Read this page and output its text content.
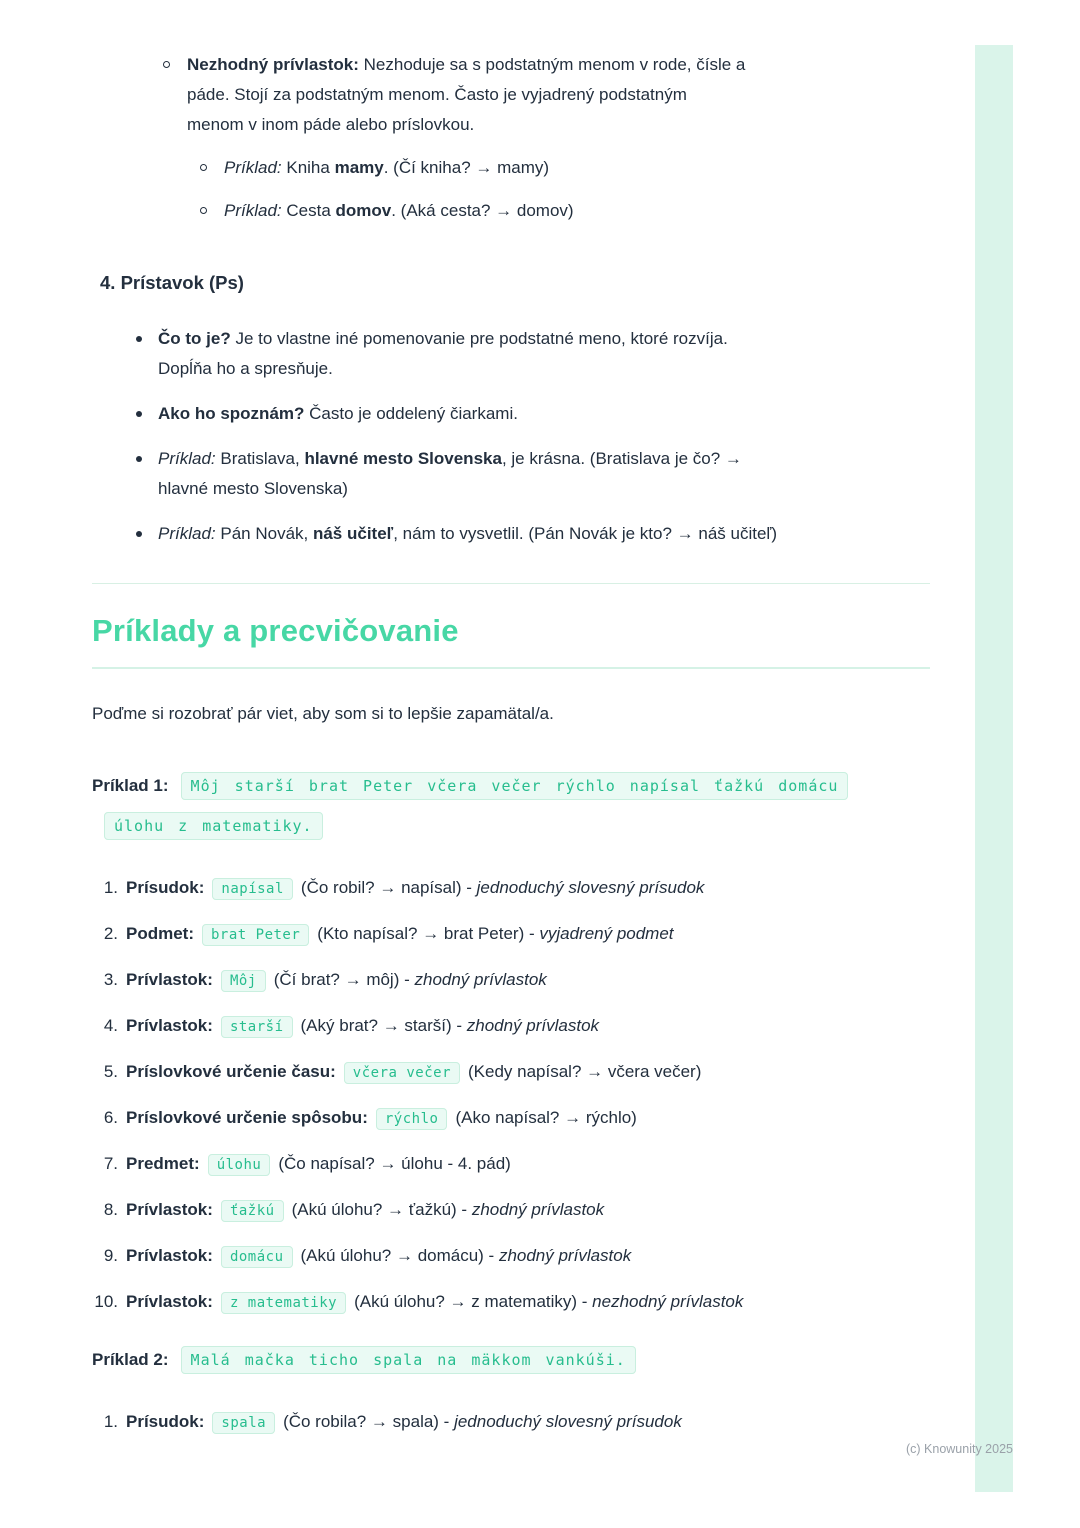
Nezhodný prívlastok: Nezhoduje sa s podstatným menom v rode, čísle a páde. Stojí za podstatným menom. Často je vyjadrený podstatným menom v inom páde alebo príslovkou.
Príklad: Kniha mamy. (Čí kniha? → mamy)
Príklad: Cesta domov. (Aká cesta? → domov)
4. Prístavok (Ps)
Čo to je? Je to vlastne iné pomenovanie pre podstatné meno, ktoré rozvíja. Dopĺňa ho a spresňuje.
Ako ho spoznám? Často je oddelený čiarkami.
Príklad: Bratislava, hlavné mesto Slovenska, je krásna. (Bratislava je čo? → hlavné mesto Slovenska)
Príklad: Pán Novák, náš učiteľ, nám to vysvetlil. (Pán Novák je kto? → náš učiteľ)
Príklady a precvičovanie

Poďme si rozobrať pár viet, aby som si to lepšie zapamätal/a.

Príklad 1: Môj starší brat Peter včera večer rýchlo napísal ťažkú domácu úlohu z matematiky.

1. Prísudok: napísal (Čo robil? → napísal) - jednoduchý slovesný prísudok
2. Podmet: brat Peter (Kto napísal? → brat Peter) - vyjadrený podmet
3. Prívlastok: Môj (Čí brat? → môj) - zhodný prívlastok
4. Prívlastok: starší (Aký brat? → starší) - zhodný prívlastok
5. Príslovkové určenie času: včera večer (Kedy napísal? → včera večer)
6. Príslovkové určenie spôsobu: rýchlo (Ako napísal? → rýchlo)
7. Predmet: úlohu (Čo napísal? → úlohu - 4. pád)
8. Prívlastok: ťažkú (Akú úlohu? → ťažkú) - zhodný prívlastok
9. Prívlastok: domácu (Akú úlohu? → domácu) - zhodný prívlastok
10. Prívlastok: z matematiky (Akú úlohu? → z matematiky) - nezhodný prívlastok

Príklad 2: Malá mačka ticho spala na mäkkom vankúši.

1. Prísudok: spala (Čo robila? → spala) - jednoduchý slovesný prísudok
(c) Knowunity 2025
